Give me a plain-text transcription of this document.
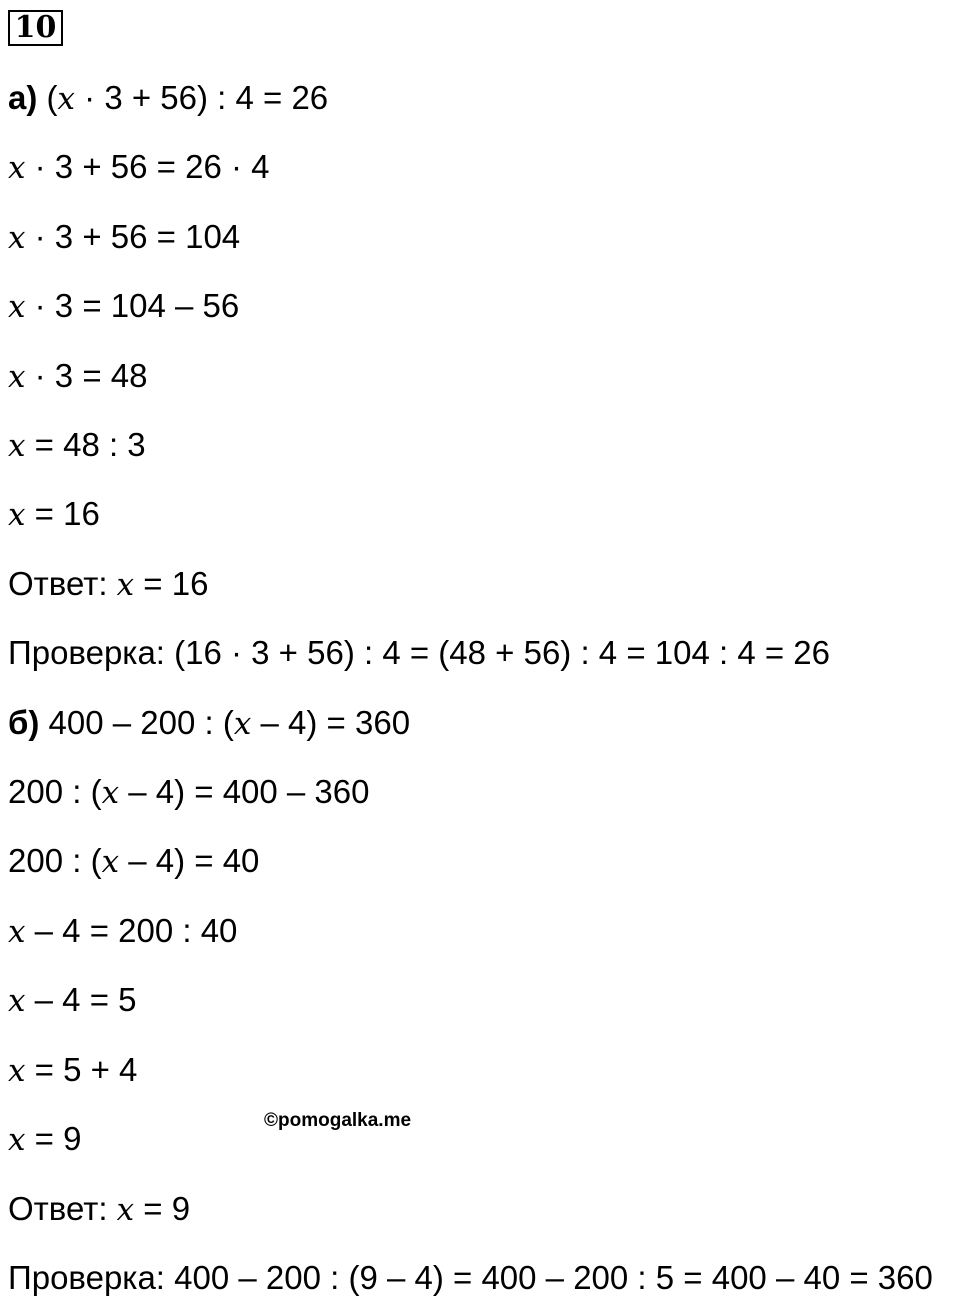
10
а) (x · 3 + 56) : 4 = 26
x · 3 + 56 = 26 · 4
x · 3 + 56 = 104
x · 3 = 104 – 56
x · 3 = 48
x = 48 : 3
x = 16
Ответ: x = 16
Проверка: (16 · 3 + 56) : 4 = (48 + 56) : 4 = 104 : 4 = 26
б) 400 – 200 : (x – 4) = 360
200 : (x – 4) = 400 – 360
200 : (x – 4) = 40
x – 4 = 200 : 40
x – 4 = 5
x = 5 + 4
x = 9
Ответ: x = 9
Проверка: 400 – 200 : (9 – 4) = 400 – 200 : 5 = 400 – 40 = 360
©pomogalka.me
